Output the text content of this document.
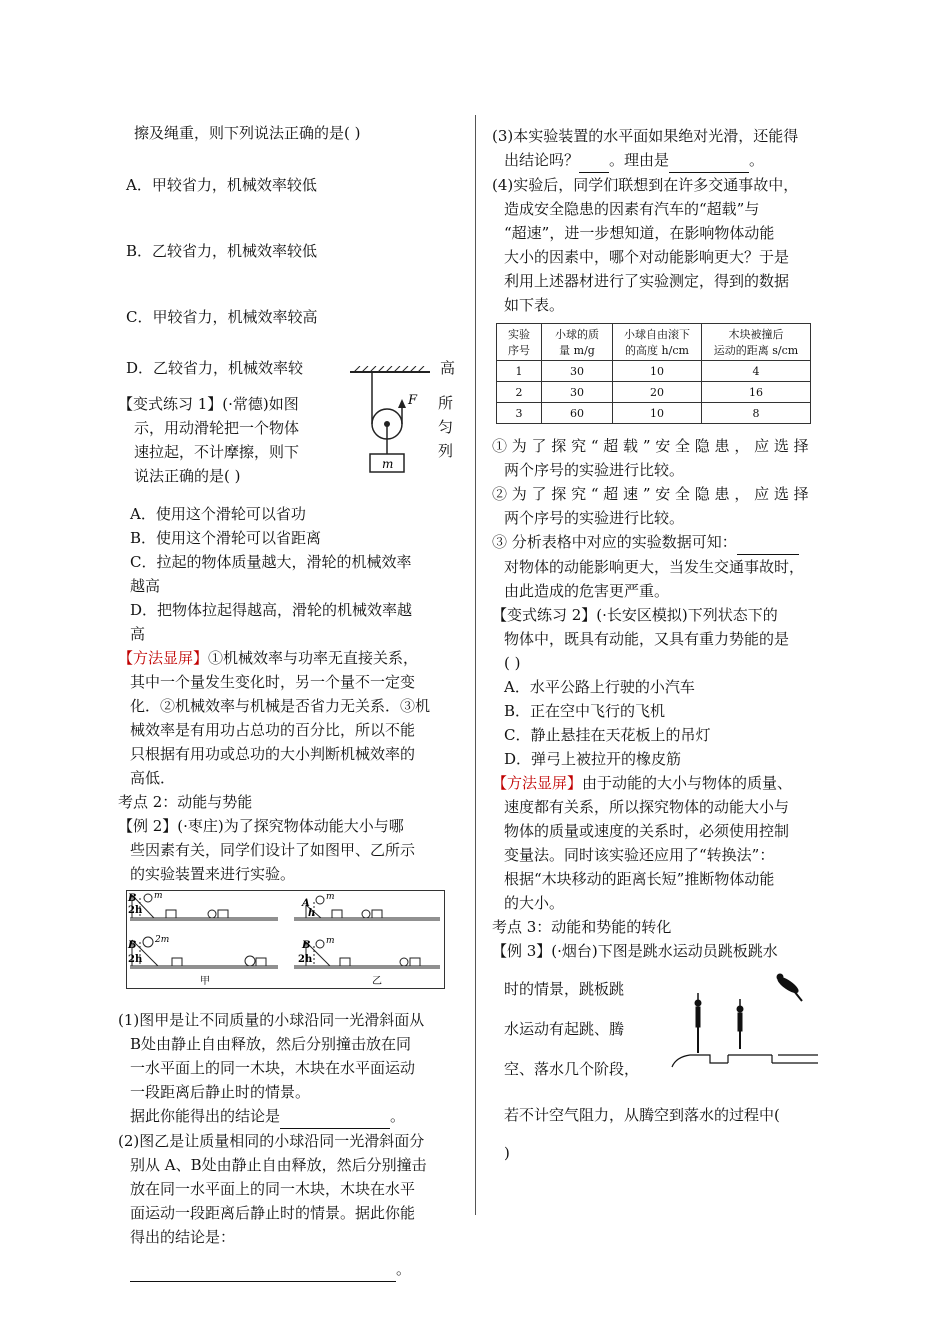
擦及绳重，则下列说法正确的是( )

A．甲较省力，机械效率较低

B．乙较省力，机械效率较低

C．甲较省力，机械效率较高

D．乙较省力，机械效率较	高

【变式练习 1】(·常德)如图

示，用动滑轮把一个物体

速拉起，不计摩擦，则下

说法正确的是( )

所
匀
列
F
m

A．使用这个滑轮可以省功

B．使用这个滑轮可以省距离

C．拉起的物体质量越大，滑轮的机械效率

越高

D．把物体拉起得越高，滑轮的机械效率越

高

【方法显屏】①机械效率与功率无直接关系，

其中一个量发生变化时，另一个量不一定变

化．②机械效率与机械是否省力无关系．③机

械效率是有用功占总功的百分比，所以不能

只根据有用功或总功的大小判断机械效率的

高低．

考点 2：动能与势能

【例 2】(·枣庄)为了探究物体动能大小与哪

些因素有关，同学们设计了如图甲、乙所示

的实验装置来进行实验。

B
2h
m
A
h
m
B
2h
2m
甲
B
2h
m
乙

(1)图甲是让不同质量的小球沿同一光滑斜面从

B处由静止自由释放，然后分别撞击放在同

一水平面上的同一木块，木块在水平面运动

一段距离后静止时的情景。

据此你能得出的结论是	。

(2)图乙是让质量相同的小球沿同一光滑斜面分

别从 A、B处由静止自由释放，然后分别撞击

放在同一水平面上的同一木块，木块在水平

面运动一段距离后静止时的情景。据此你能

得出的结论是：

。

(3)本实验装置的水平面如果绝对光滑，还能得

出结论吗？ 。理由是	。

(4)实验后，同学们联想到在许多交通事故中，

造成安全隐患的因素有汽车的“超载”与

“超速”，进一步想知道，在影响物体动能

大小的因素中，哪个对动能影响更大？于是

利用上述器材进行了实验测定，得到的数据

如下表。

实验
序号	小球的质
量 m/g	小球自由滚下
的高度 h/cm	木块被撞后
运动的距离 s/cm
1	30	10	4
2	30	20	16
3	60	10	8

① 为 了 探 究 “ 超 载 ” 安 全 隐 患 ， 应 选 择

两个序号的实验进行比较。

② 为 了 探 究 “ 超 速 ” 安 全 隐 患 ， 应 选 择

两个序号的实验进行比较。

③ 分析表格中对应的实验数据可知：

对物体的动能影响更大，当发生交通事故时，

由此造成的危害更严重。

【变式练习 2】(·长安区模拟)下列状态下的

物体中，既具有动能，又具有重力势能的是

( )

A．水平公路上行驶的小汽车

B．正在空中飞行的飞机

C．静止悬挂在天花板上的吊灯

D．弹弓上被拉开的橡皮筋

【方法显屏】由于动能的大小与物体的质量、

速度都有关系，所以探究物体的动能大小与

物体的质量或速度的关系时，必须使用控制

变量法。同时该实验还应用了“转换法”：

根据“木块移动的距离长短”推断物体动能

的大小。

考点 3：动能和势能的转化

【例 3】(·烟台)下图是跳水运动员跳板跳水

时的情景，跳板跳

水运动有起跳、腾

空、落水几个阶段，

若不计空气阻力，从腾空到落水的过程中(

)
